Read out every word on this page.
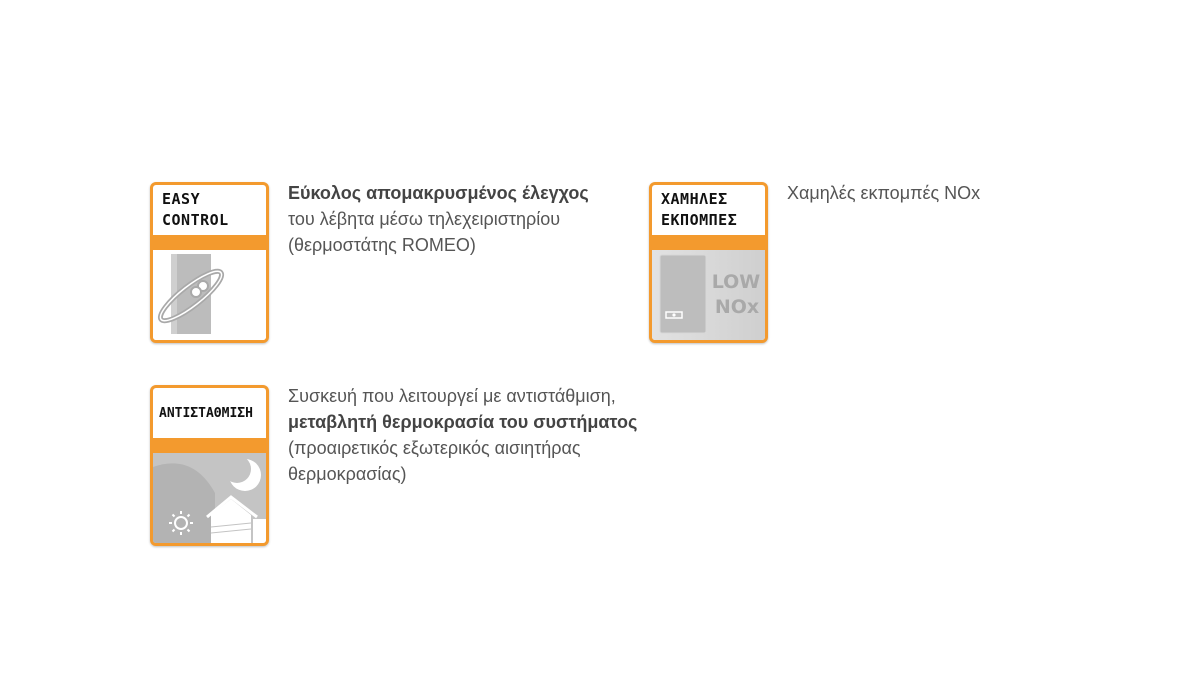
EASY
CONTROL
Εύκολος απομακρυσμένος έλεγχος
του λέβητα μέσω τηλεχειριστηρίου
(θερμοστάτης ROMEO)
ΧΑΜΗΛΕΣ
ΕΚΠΟΜΠΕΣ
LOW
NOx
Χαμηλές εκπομπές NOx
ΑΝΤΙΣΤΑΘΜΙΣΗ
Συσκευή που λειτουργεί με αντιστάθμιση,
μεταβλητή θερμοκρασία του συστήματος
(προαιρετικός εξωτερικός αισιητήρας
θερμοκρασίας)
